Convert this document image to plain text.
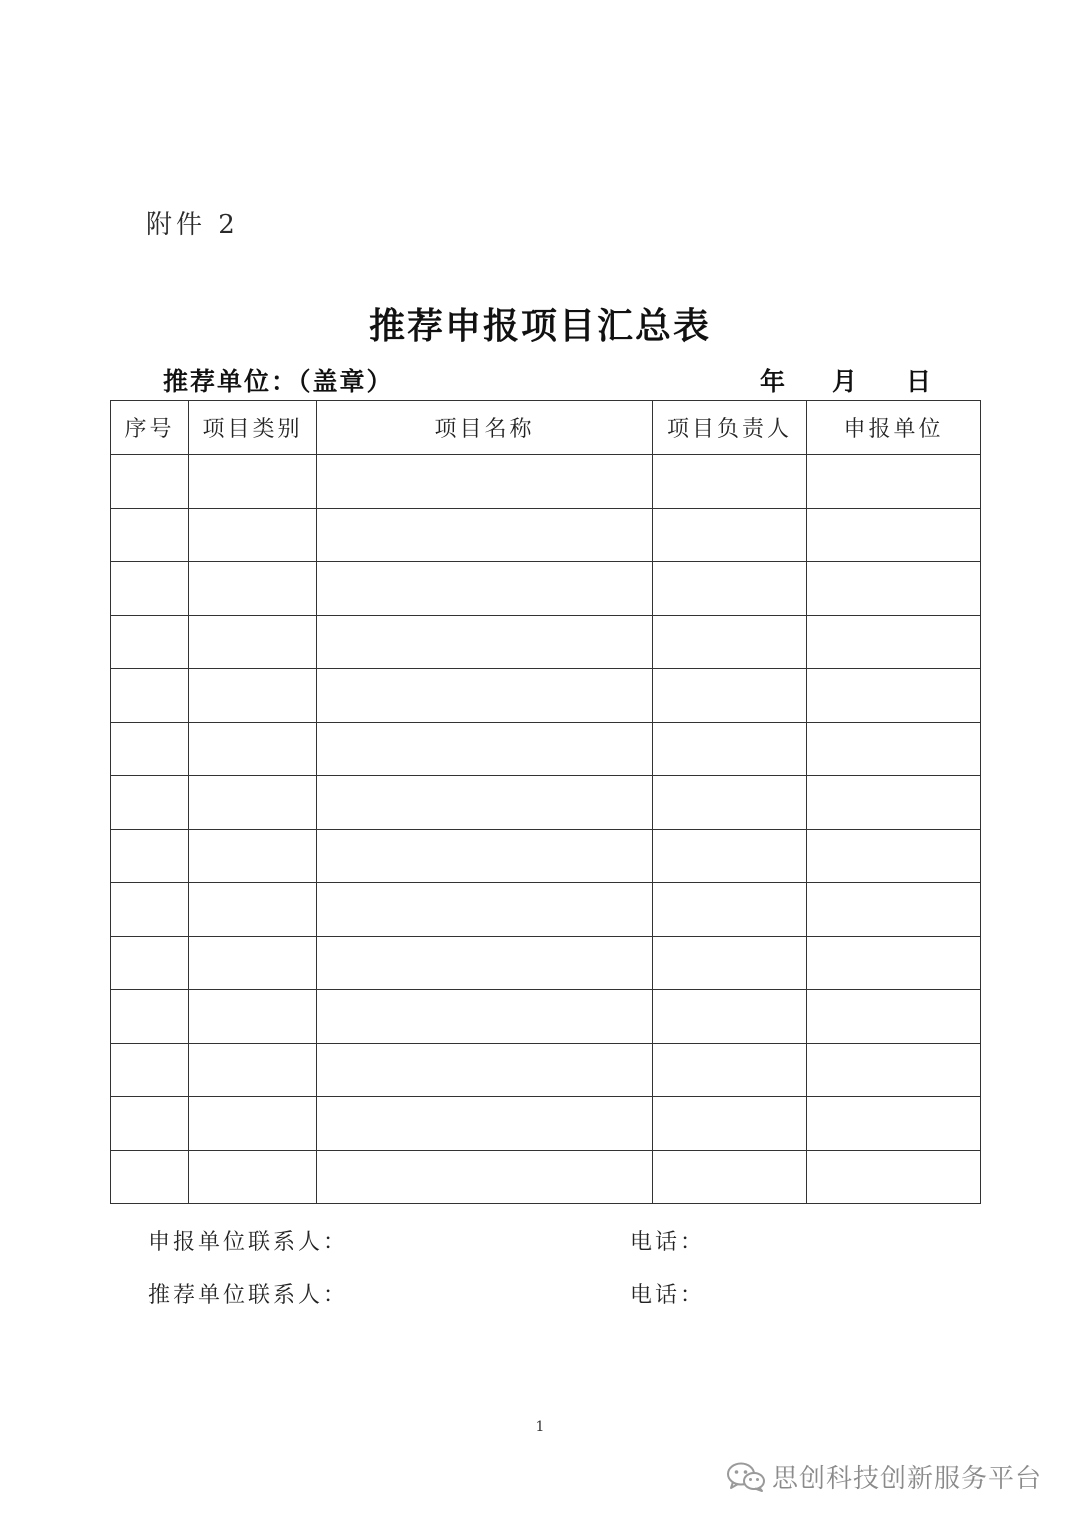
附件 2
推荐申报项目汇总表
推荐单位：（盖章）	年 月 日
序号	项目类别	项目名称	项目负责人	申报单位

申报单位联系人：	电话：
推荐单位联系人：	电话：
1
思创科技创新服务平台
